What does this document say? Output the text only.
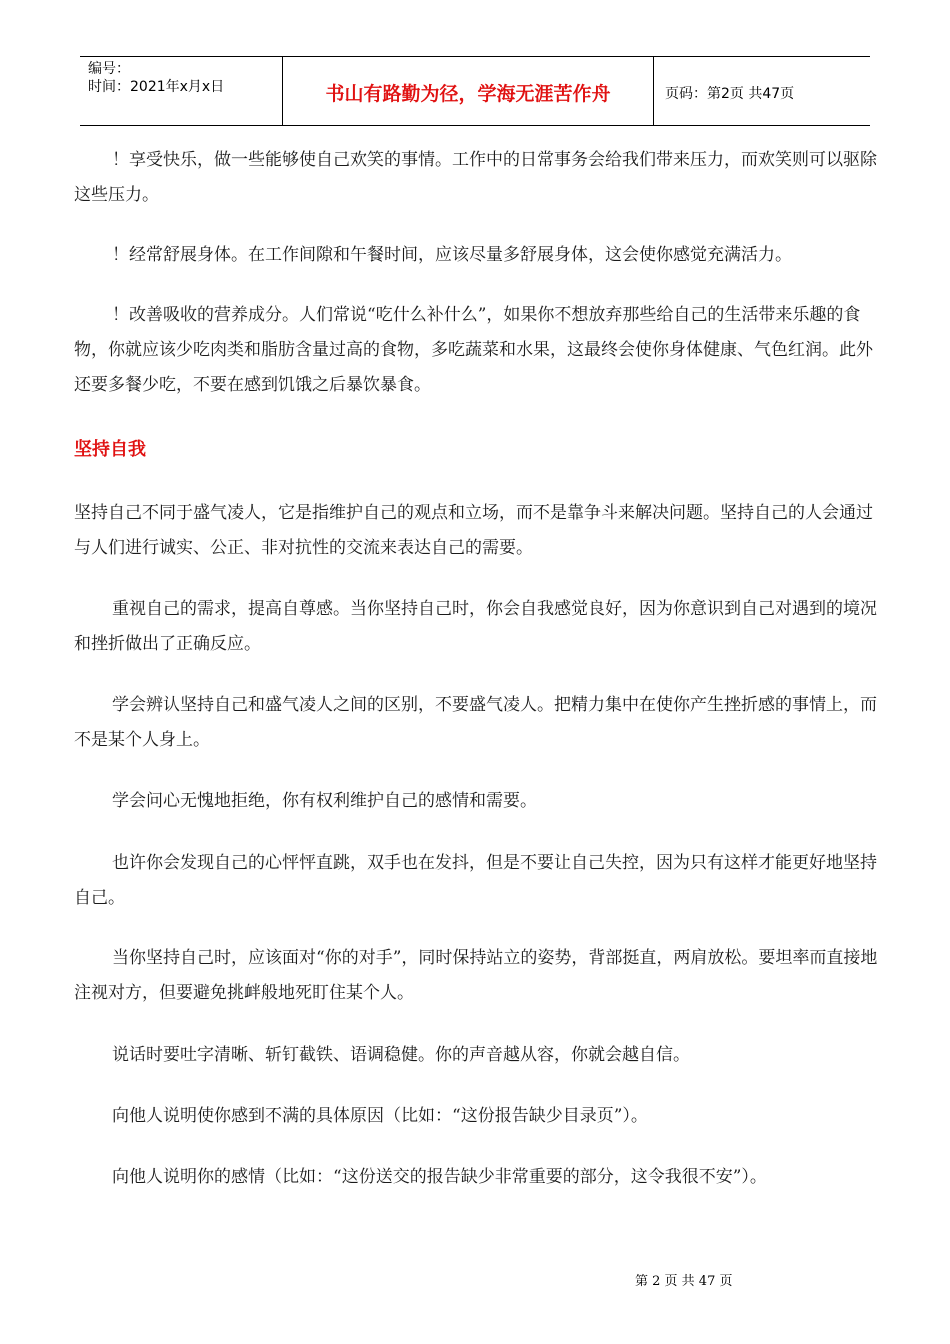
编号：
时间：2021年x月x日	书山有路勤为径，学海无涯苦作舟	页码：第2页 共47页

！享受快乐，做一些能够使自己欢笑的事情。工作中的日常事务会给我们带来压力，而欢笑则可以驱除这些压力。

！经常舒展身体。在工作间隙和午餐时间，应该尽量多舒展身体，这会使你感觉充满活力。

！改善吸收的营养成分。人们常说“吃什么补什么”，如果你不想放弃那些给自己的生活带来乐趣的食物，你就应该少吃肉类和脂肪含量过高的食物，多吃蔬菜和水果，这最终会使你身体健康、气色红润。此外还要多餐少吃，不要在感到饥饿之后暴饮暴食。

坚持自我

坚持自己不同于盛气凌人，它是指维护自己的观点和立场，而不是靠争斗来解决问题。坚持自己的人会通过与人们进行诚实、公正、非对抗性的交流来表达自己的需要。

重视自己的需求，提高自尊感。当你坚持自己时，你会自我感觉良好，因为你意识到自己对遇到的境况和挫折做出了正确反应。

学会辨认坚持自己和盛气凌人之间的区别，不要盛气凌人。把精力集中在使你产生挫折感的事情上，而不是某个人身上。

学会问心无愧地拒绝，你有权利维护自己的感情和需要。

也许你会发现自己的心怦怦直跳，双手也在发抖，但是不要让自己失控，因为只有这样才能更好地坚持自己。

当你坚持自己时，应该面对“你的对手”，同时保持站立的姿势，背部挺直，两肩放松。要坦率而直接地注视对方，但要避免挑衅般地死盯住某个人。

说话时要吐字清晰、斩钉截铁、语调稳健。你的声音越从容，你就会越自信。

向他人说明使你感到不满的具体原因（比如：“这份报告缺少目录页”）。

向他人说明你的感情（比如：“这份送交的报告缺少非常重要的部分，这令我很不安”）。

第 2 页 共 47 页
